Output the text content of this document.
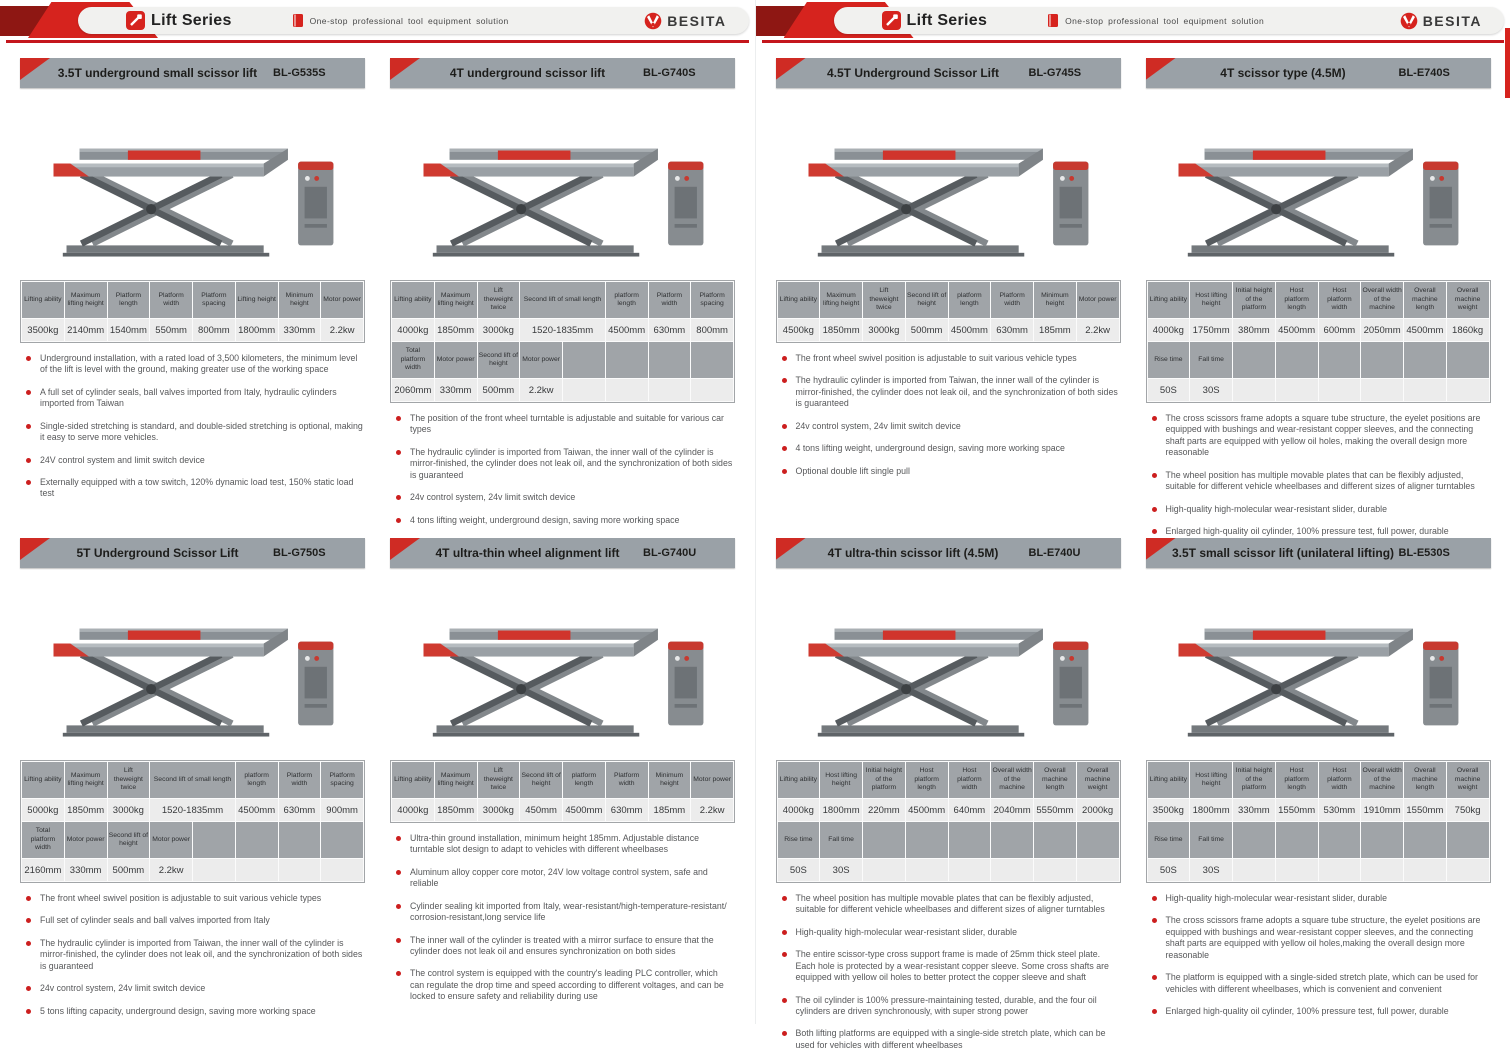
Lift Series	One-stop professional tool equipment solution	BESITA
3.5T underground small scissor lift	BL-G535S
Lifting ability	Maximum lifting height	Platform length	Platform width	Platform spacing	Lifting height	Minimum height	Motor power
3500kg	2140mm	1540mm	550mm	800mm	1800mm	330mm	2.2kw
Underground installation, with a rated load of 3,500 kilometers, the minimum level of the lift is level with the ground, making greater use of the working space
A full set of cylinder seals, ball valves imported from Italy, hydraulic cylinders imported from Taiwan
Single-sided stretching is standard, and double-sided stretching is optional, making it easy to serve more vehicles.
24V control system and limit switch device
Externally equipped with a tow switch, 120% dynamic load test, 150% static load test
4T underground scissor lift	BL-G740S
Lifting ability	Maximum lifting height	Lift theweight twice	Second lift of small length		platform length	Platform width	Platform spacing
4000kg	1850mm	3000kg	1520-1835mm		4500mm	630mm	800mm
Total platform width	Motor power	Second lift of height	Motor power				
2060mm	330mm	500mm	2.2kw				
The position of the front wheel turntable is adjustable and suitable for various car types
The hydraulic cylinder is imported from Taiwan, the inner wall of the cylinder is mirror-finished, the cylinder does not leak oil, and the synchronization of both sides is guaranteed
24v control system, 24v limit switch device
4 tons lifting weight, underground design, saving more working space
5T Underground Scissor Lift	BL-G750S
Lifting ability	Maximum lifting height	Lift theweight twice	Second lift of small length		platform length	Platform width	Platform spacing
5000kg	1850mm	3000kg	1520-1835mm		4500mm	630mm	900mm
Total platform width	Motor power	Second lift of height	Motor power				
2160mm	330mm	500mm	2.2kw				
The front wheel swivel position is adjustable to suit various vehicle types
Full set of cylinder seals and ball valves imported from Italy
The hydraulic cylinder is imported from Taiwan, the inner wall of the cylinder is mirror-finished, the cylinder does not leak oil, and the synchronization of both sides is guaranteed
24v control system, 24v limit switch device
5 tons lifting capacity, underground design, saving more working space
4T ultra-thin wheel alignment lift	BL-G740U
Lifting ability	Maximum lifting height	Lift theweight twice	Second lift of height	platform length	Platform width	Minimum height	Motor power
4000kg	1850mm	3000kg	450mm	4500mm	630mm	185mm	2.2kw
Ultra-thin ground installation, minimum height 185mm. Adjustable distance turntable slot design to adapt to vehicles with different wheelbases
Aluminum alloy copper core motor, 24V low voltage control system, safe and reliable
Cylinder sealing kit imported from Italy, wear-resistant/high-temperature-resistant/ corrosion-resistant,long service life
The inner wall of the cylinder is treated with a mirror surface to ensure that the cylinder does not leak oil and ensures synchronization on both sides
The control system is equipped with the country's leading PLC controller, which can regulate the drop time and speed according to different voltages, and can be locked to ensure safety and reliability during use
Lift Series	One-stop professional tool equipment solution	BESITA
4.5T Underground Scissor Lift	BL-G745S
Lifting ability	Maximum lifting height	Lift theweight twice	Second lift of height	platform length	Platform width	Minimum height	Motor power
4500kg	1850mm	3000kg	500mm	4500mm	630mm	185mm	2.2kw
The front wheel swivel position is adjustable to suit various vehicle types
The hydraulic cylinder is imported from Taiwan, the inner wall of the cylinder is mirror-finished, the cylinder does not leak oil, and the synchronization of both sides is guaranteed
24v control system, 24v limit switch device
4 tons lifting weight, underground design, saving more working space
Optional double lift single pull
4T scissor type (4.5M)	BL-E740S
Lifting ability	Host lifting height	Initial height of the platform	Host platform length	Host platform width	Overall width of the machine	Overall machine length	Overall machine weight
4000kg	1750mm	380mm	4500mm	600mm	2050mm	4500mm	1860kg
Rise time	Fall time						
50S	30S						
The cross scissors frame adopts a square tube structure, the eyelet positions are equipped with bushings and wear-resistant copper sleeves, and the connecting shaft parts are equipped with yellow oil holes, making the overall design more reasonable
The wheel position has multiple movable plates that can be flexibly adjusted, suitable for different vehicle wheelbases and different sizes of aligner turntables
High-quality high-molecular wear-resistant slider, durable
Enlarged high-quality oil cylinder, 100% pressure test, full power, durable
4T ultra-thin scissor lift (4.5M)	BL-E740U
Lifting ability	Host lifting height	Initial height of the platform	Host platform length	Host platform width	Overall width of the machine	Overall machine length	Overall machine weight
4000kg	1800mm	220mm	4500mm	640mm	2040mm	5550mm	2000kg
Rise time	Fall time						
50S	30S						
The wheel position has multiple movable plates that can be flexibly adjusted, suitable for different vehicle wheelbases and different sizes of aligner turntables
High-quality high-molecular wear-resistant slider, durable
The entire scissor-type cross support frame is made of 25mm thick steel plate. Each hole is protected by a wear-resistant copper sleeve. Some cross shafts are equipped with yellow oil holes to better protect the copper sleeve and shaft
The oil cylinder is 100% pressure-maintaining tested, durable, and the four oil cylinders are driven synchronously, with super strong power
Both lifting platforms are equipped with a single-side stretch plate, which can be used for vehicles with different wheelbases
3.5T small scissor lift (unilateral lifting) BL-E530S
Lifting ability	Host lifting height	Initial height of the platform	Host platform length	Host platform width	Overall width of the machine	Overall machine length	Overall machine weight
3500kg	1800mm	330mm	1550mm	530mm	1910mm	1550mm	750kg
Rise time	Fall time						
50S	30S						
High-quality high-molecular wear-resistant slider, durable
The cross scissors frame adopts a square tube structure, the eyelet positions are equipped with bushings and wear-resistant copper sleeves, and the connecting shaft parts are equipped with yellow oil holes,making the overall design more reasonable
The platform is equipped with a single-sided stretch plate, which can be used for vehicles with different wheelbases, which is convenient and convenient
Enlarged high-quality oil cylinder, 100% pressure test, full power, durable
